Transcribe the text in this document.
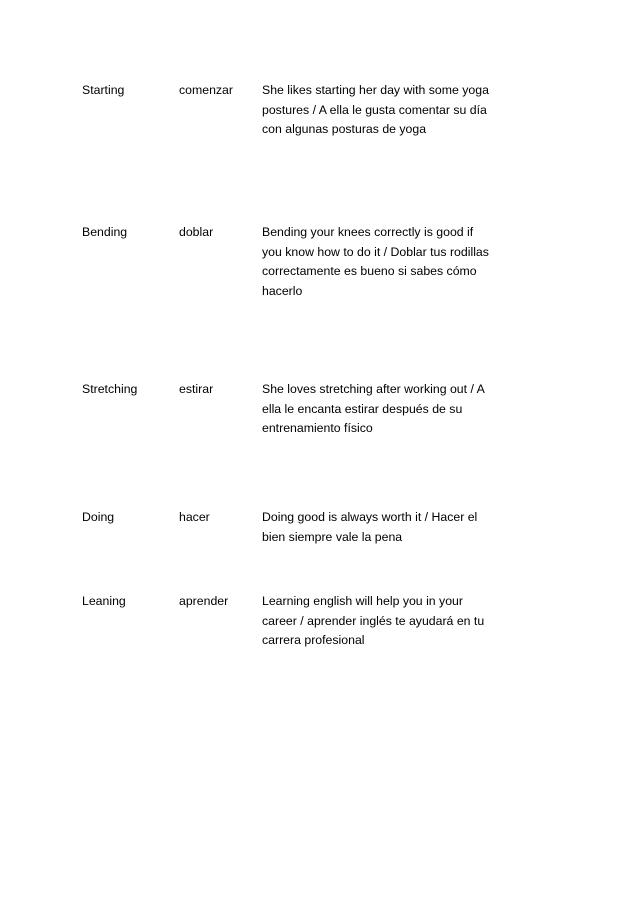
Starting	comenzar	She likes starting her day with some yoga
postures / A ella le gusta comentar su día
con algunas posturas de yoga
Bending	doblar	Bending your knees correctly is good if
you know how to do it / Doblar tus rodillas
correctamente es bueno si sabes cómo
hacerlo
Stretching	estirar	She loves stretching after working out / A
ella le encanta estirar después de su
entrenamiento físico
Doing	hacer	Doing good is always worth it / Hacer el
bien siempre vale la pena
Leaning	aprender	Learning english will help you in your
career / aprender inglés te ayudará en tu
carrera profesional
